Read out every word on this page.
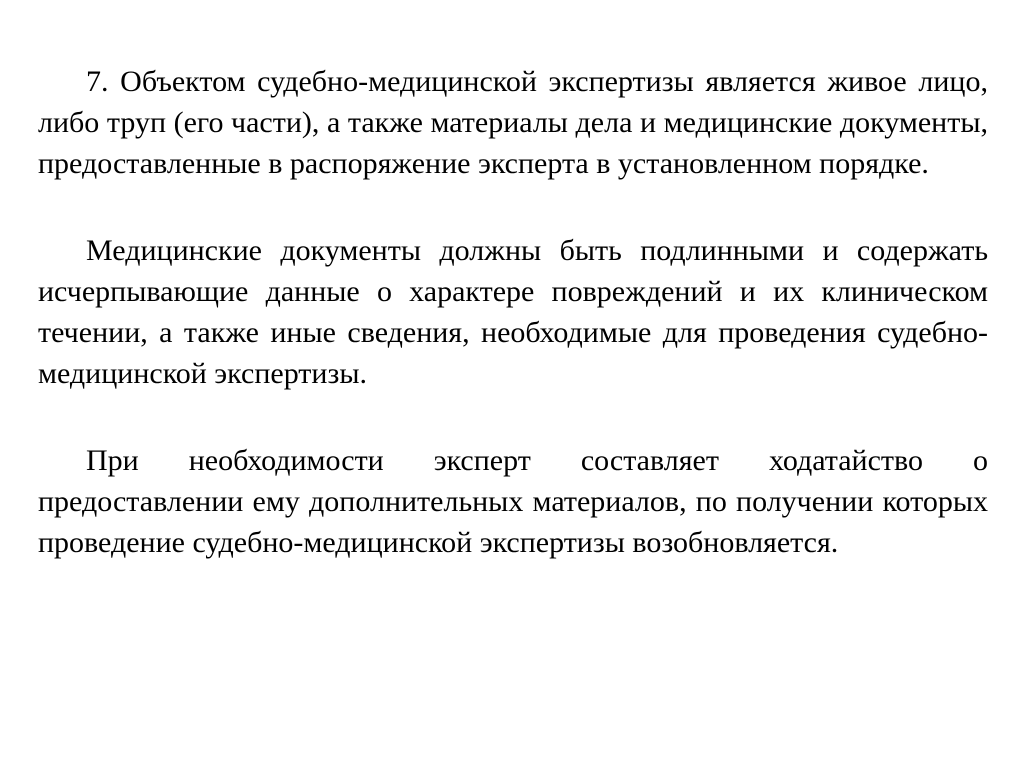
7. Объектом судебно-медицинской экспертизы является живое лицо, либо труп (его части), а также материалы дела и медицинские документы, предоставленные в распоряжение эксперта в установленном порядке.

Медицинские документы должны быть подлинными и содержать исчерпывающие данные о характере повреждений и их клиническом течении, а также иные сведения, необходимые для проведения судебно-медицинской экспертизы.

При необходимости эксперт составляет ходатайство о предоставлении ему дополнительных материалов, по получении которых проведение судебно-медицинской экспертизы возобновляется.
